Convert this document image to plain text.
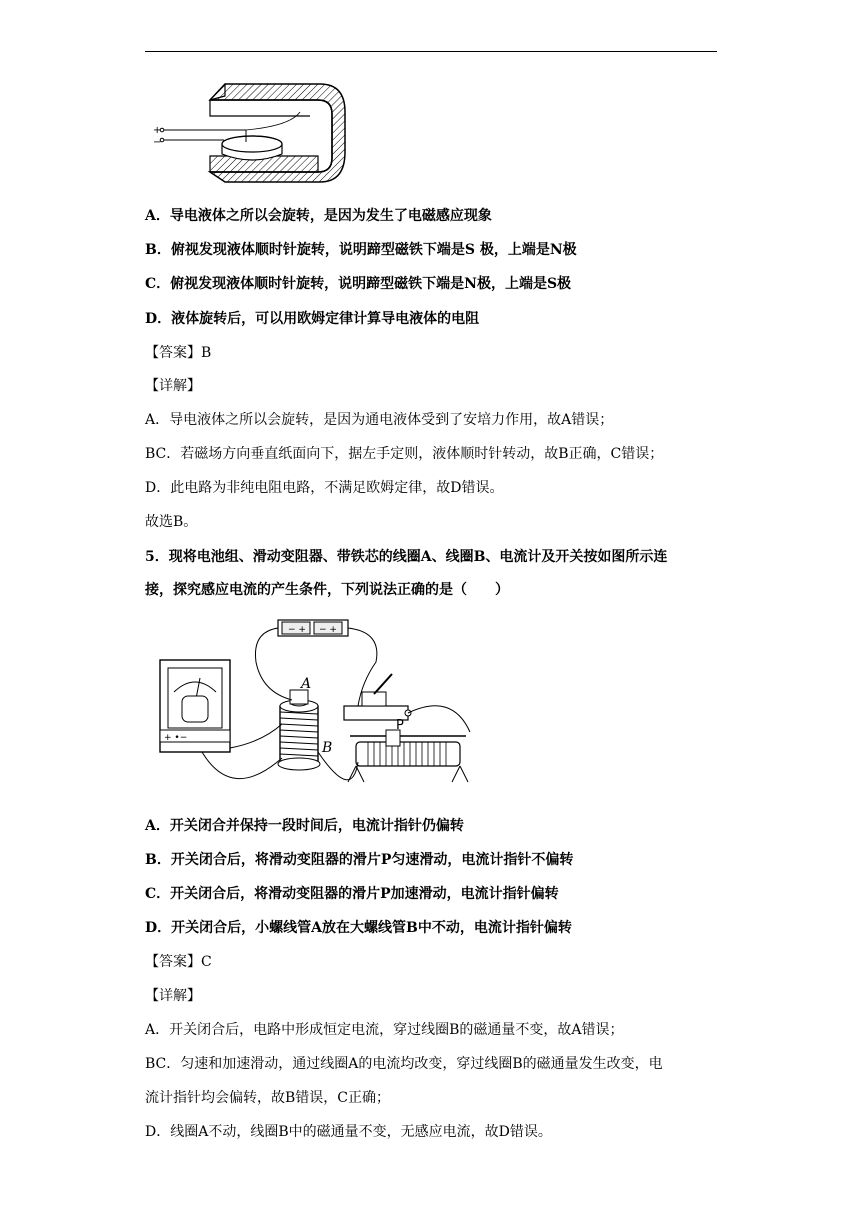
+
−
A．导电液体之所以会旋转，是因为发生了电磁感应现象
B．俯视发现液体顺时针旋转，说明蹄型磁铁下端是S 极，上端是N极
C．俯视发现液体顺时针旋转，说明蹄型磁铁下端是N极，上端是S极
D．液体旋转后，可以用欧姆定律计算导电液体的电阻
【答案】B
【详解】
A．导电液体之所以会旋转，是因为通电液体受到了安培力作用，故A错误；
BC．若磁场方向垂直纸面向下，据左手定则，液体顺时针转动，故B正确，C错误；
D．此电路为非纯电阻电路，不满足欧姆定律，故D错误。
故选B。
5．现将电池组、滑动变阻器、带铁芯的线圈A、线圈B、电流计及开关按如图所示连
接，探究感应电流的产生条件，下列说法正确的是（　　）
− + − +
+ •−
A
B
P
A．开关闭合并保持一段时间后，电流计指针仍偏转
B．开关闭合后，将滑动变阻器的滑片P匀速滑动，电流计指针不偏转
C．开关闭合后，将滑动变阻器的滑片P加速滑动，电流计指针偏转
D．开关闭合后，小螺线管A放在大螺线管B中不动，电流计指针偏转
【答案】C
【详解】
A．开关闭合后，电路中形成恒定电流，穿过线圈B的磁通量不变，故A错误；
BC．匀速和加速滑动，通过线圈A的电流均改变，穿过线圈B的磁通量发生改变，电
流计指针均会偏转，故B错误，C正确；
D．线圈A不动，线圈B中的磁通量不变，无感应电流，故D错误。
